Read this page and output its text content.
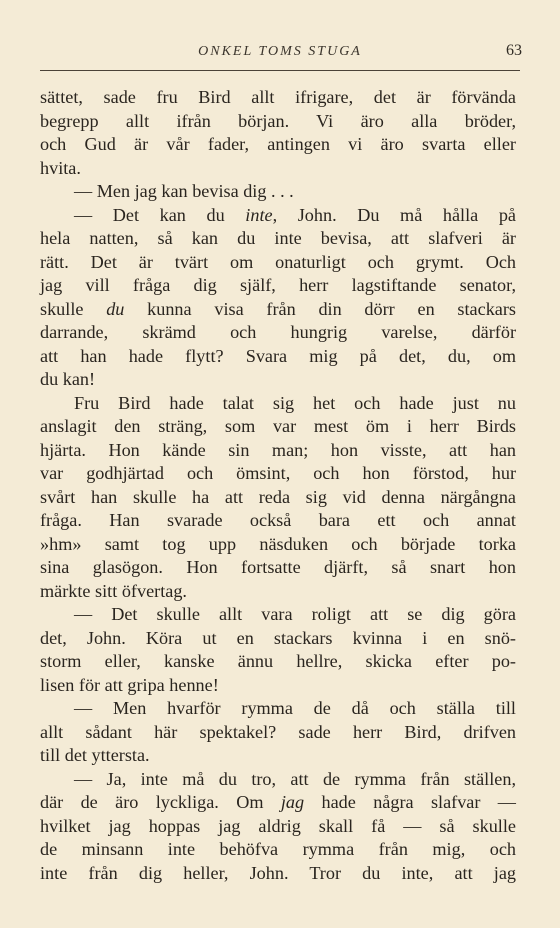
ONKEL TOMS STUGA	63
sättet, sade fru Bird allt ifrigare, det är förvända
begrepp allt ifrån början. Vi äro alla bröder,
och Gud är vår fader, antingen vi äro svarta eller
hvita.
— Men jag kan bevisa dig . . .
— Det kan du inte, John. Du må hålla på
hela natten, så kan du inte bevisa, att slafveri är
rätt. Det är tvärt om onaturligt och grymt. Och
jag vill fråga dig själf, herr lagstiftande senator,
skulle du kunna visa från din dörr en stackars
darrande, skrämd och hungrig varelse, därför
att han hade flytt? Svara mig på det, du, om
du kan!
Fru Bird hade talat sig het och hade just nu
anslagit den sträng, som var mest öm i herr Birds
hjärta. Hon kände sin man; hon visste, att han
var godhjärtad och ömsint, och hon förstod, hur
svårt han skulle ha att reda sig vid denna närgångna
fråga. Han svarade också bara ett och annat
»hm» samt tog upp näsduken och började torka
sina glasögon. Hon fortsatte djärft, så snart hon
märkte sitt öfvertag.
— Det skulle allt vara roligt att se dig göra
det, John. Köra ut en stackars kvinna i en snö-
storm eller, kanske ännu hellre, skicka efter po-
lisen för att gripa henne!
— Men hvarför rymma de då och ställa till
allt sådant här spektakel? sade herr Bird, drifven
till det yttersta.
— Ja, inte må du tro, att de rymma från ställen,
där de äro lyckliga. Om jag hade några slafvar —
hvilket jag hoppas jag aldrig skall få — så skulle
de minsann inte behöfva rymma från mig, och
inte från dig heller, John. Tror du inte, att jag
